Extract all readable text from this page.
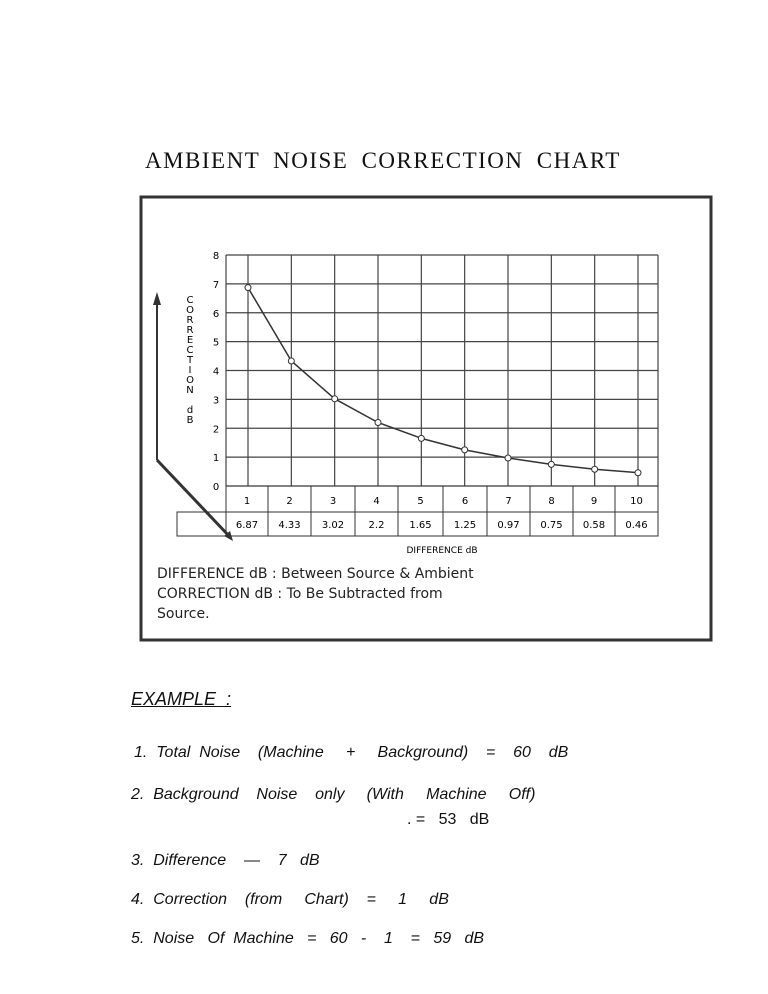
AMBIENT NOISE CORRECTION CHART
0
1
2
3
4
5
6
7
8
1
6.87
2
4.33
3
3.02
4
2.2
5
1.65
6
1.25
7
0.97
8
0.75
9
0.58
10
0.46
DIFFERENCE dB
C
O
R
R
E
C
T
I
O
N
d
B
DIFFERENCE dB : Between Source & Ambient
CORRECTION dB : To Be Subtracted from
Source.
EXAMPLE  :
1.  Total  Noise    (Machine     +     Background)    =    60    dB
2.  Background    Noise    only     (With     Machine     Off)
. =   53   dB
3.  Difference    —    7   dB
4.  Correction    (from     Chart)    =     1     dB
5.  Noise   Of  Machine   =   60   -    1    =   59   dB
